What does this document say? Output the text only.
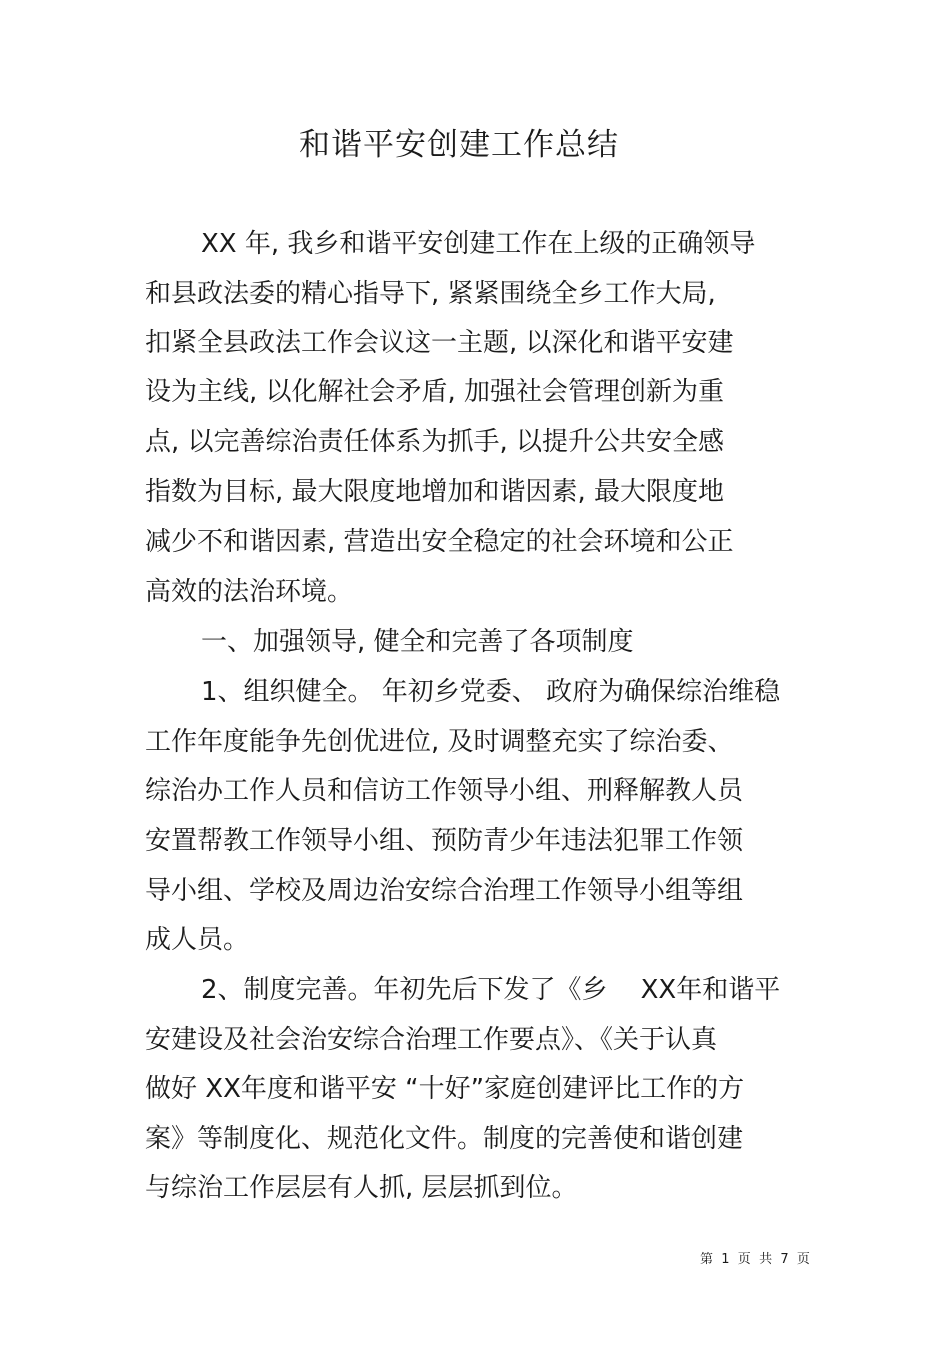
和谐平安创建工作总结
XX 年, 我乡和谐平安创建工作在上级的正确领导
和县政法委的精心指导下, 紧紧围绕全乡工作大局,
扣紧全县政法工作会议这一主题, 以深化和谐平安建
设为主线, 以化解社会矛盾, 加强社会管理创新为重
点, 以完善综治责任体系为抓手, 以提升公共安全感
指数为目标, 最大限度地增加和谐因素, 最大限度地
减少不和谐因素, 营造出安全稳定的社会环境和公正
高效的法治环境。
一、加强领导, 健全和完善了各项制度
1、组织健全。 年初乡党委、 政府为确保综治维稳
工作年度能争先创优进位, 及时调整充实了综治委、
综治办工作人员和信访工作领导小组、刑释解教人员
安置帮教工作领导小组、预防青少年违法犯罪工作领
导小组、学校及周边治安综合治理工作领导小组等组
成人员。
2、制度完善。年初先后下发了《乡    XX年和谐平
安建设及社会治安综合治理工作要点》、《关于认真
做好 XX年度和谐平安 “十好”家庭创建评比工作的方
案》等制度化、规范化文件。制度的完善使和谐创建
与综治工作层层有人抓, 层层抓到位。
第  1  页  共  7  页
